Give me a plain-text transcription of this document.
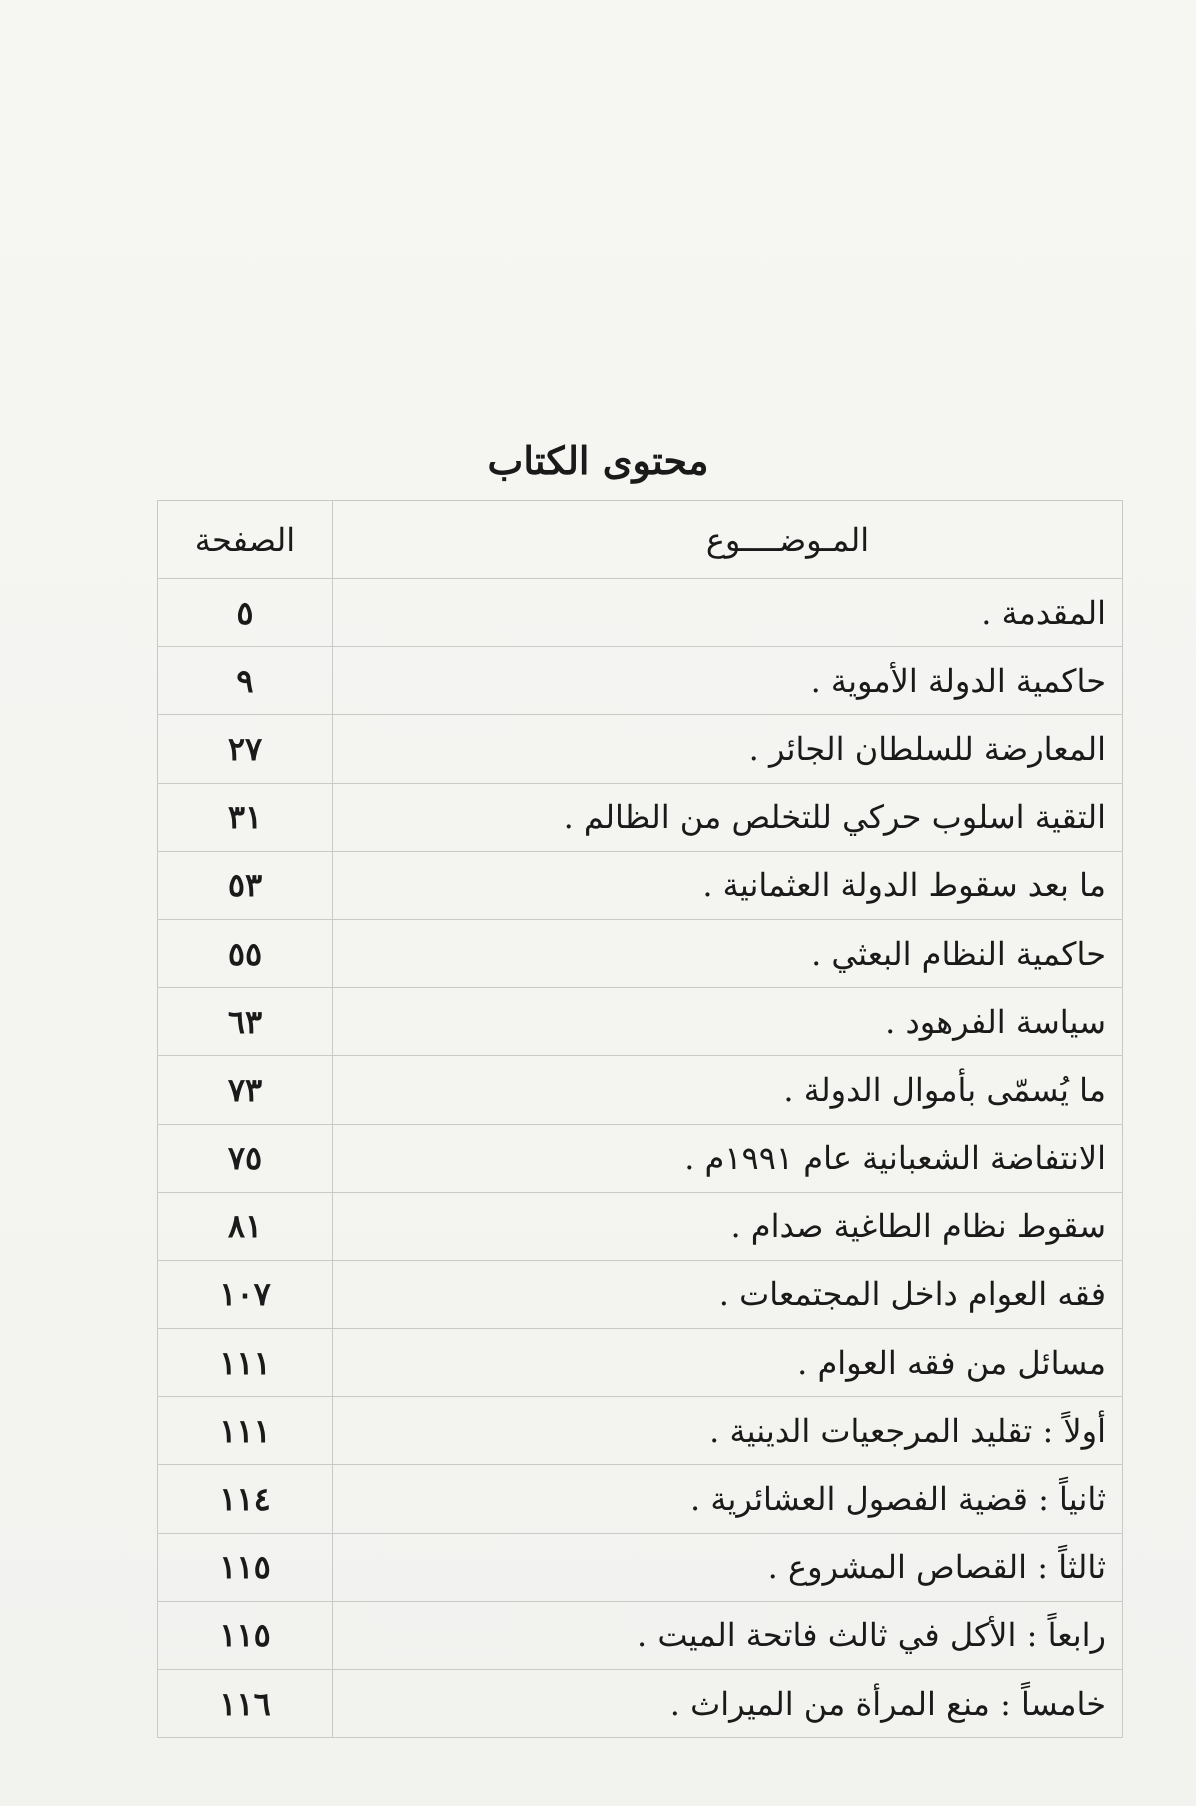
محتوى الكتاب
المـوضــــوع	الصفحة
المقدمة .	٥
حاكمية الدولة الأموية .	٩
المعارضة للسلطان الجائر .	٢٧
التقية اسلوب حركي للتخلص من الظالم .	٣١
ما بعد سقوط الدولة العثمانية .	٥٣
حاكمية النظام البعثي .	٥٥
سياسة الفرهود .	٦٣
ما يُسمّى بأموال الدولة .	٧٣
الانتفاضة الشعبانية عام ١٩٩١م .	٧٥
سقوط نظام الطاغية صدام .	٨١
فقه العوام داخل المجتمعات .	١٠٧
مسائل من فقه العوام .	١١١
أولاً : تقليد المرجعيات الدينية .	١١١
ثانياً : قضية الفصول العشائرية .	١١٤
ثالثاً : القصاص المشروع .	١١٥
رابعاً : الأكل في ثالث فاتحة الميت .	١١٥
خامساً : منع المرأة من الميراث .	١١٦
